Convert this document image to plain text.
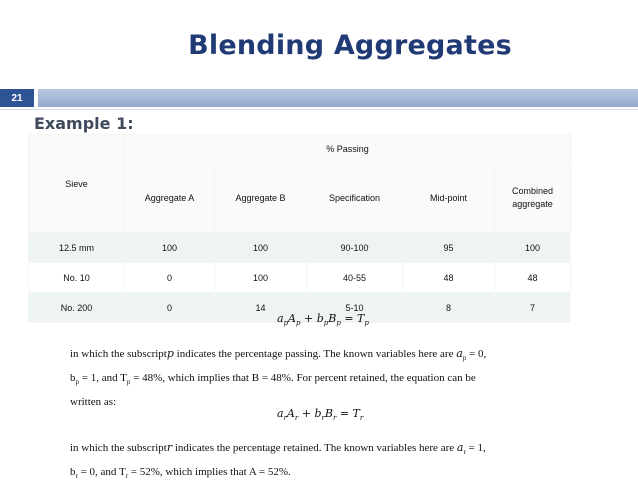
Blending Aggregates
21
Example 1:
Sieve	% Passing				
	Aggregate A	Aggregate B	Specification	Mid-point	Combined aggregate
12.5 mm	100	100	90-100	95	100
No. 10	0	100	40-55	48	48
No. 200	0	14	5-10	8	7
$a_pA_p + b_pB_p = T_p$
in which the subscriptp indicates the percentage passing. The known variables here are $a_p = 0$,
$b_p = 1$, and $T_p = 48\%$, which implies that B = 48%. For percent retained, the equation can be
written as:
$a_rA_r + b_rB_r = T_r$
in which the subscriptr indicates the percentage retained. The known variables here are $a_r = 1$,
$b_r = 0$, and $T_r = 52\%$, which implies that A = 52%.
